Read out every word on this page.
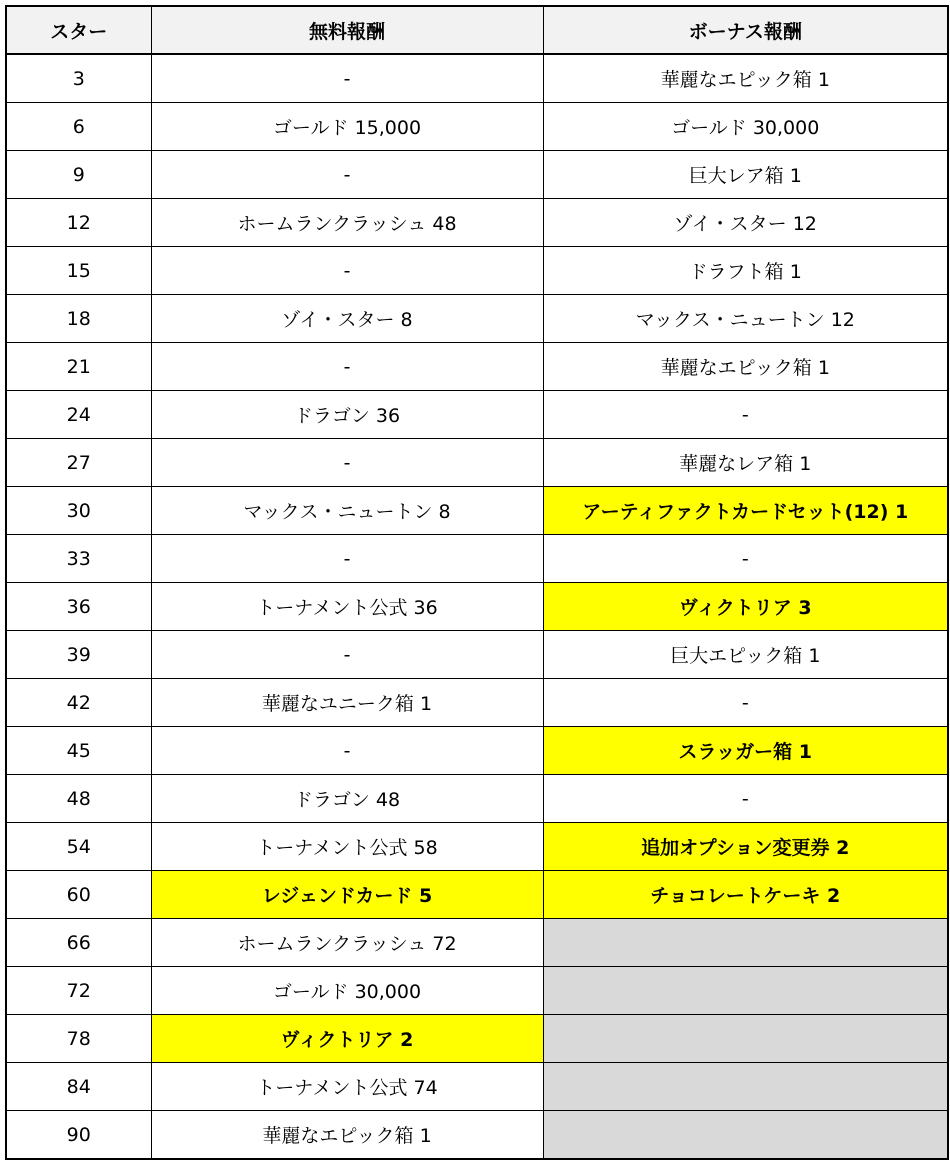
スター	無料報酬	ボーナス報酬
3	-	華麗なエピック箱 1
6	ゴールド 15,000	ゴールド 30,000
9	-	巨大レア箱 1
12	ホームランクラッシュ 48	ゾイ・スター 12
15	-	ドラフト箱 1
18	ゾイ・スター 8	マックス・ニュートン 12
21	-	華麗なエピック箱 1
24	ドラゴン 36	-
27	-	華麗なレア箱 1
30	マックス・ニュートン 8	アーティファクトカードセット(12) 1
33	-	-
36	トーナメント公式 36	ヴィクトリア 3
39	-	巨大エピック箱 1
42	華麗なユニーク箱 1	-
45	-	スラッガー箱 1
48	ドラゴン 48	-
54	トーナメント公式 58	追加オプション変更券 2
60	レジェンドカード 5	チョコレートケーキ 2
66	ホームランクラッシュ 72	
72	ゴールド 30,000	
78	ヴィクトリア 2	
84	トーナメント公式 74	
90	華麗なエピック箱 1	
